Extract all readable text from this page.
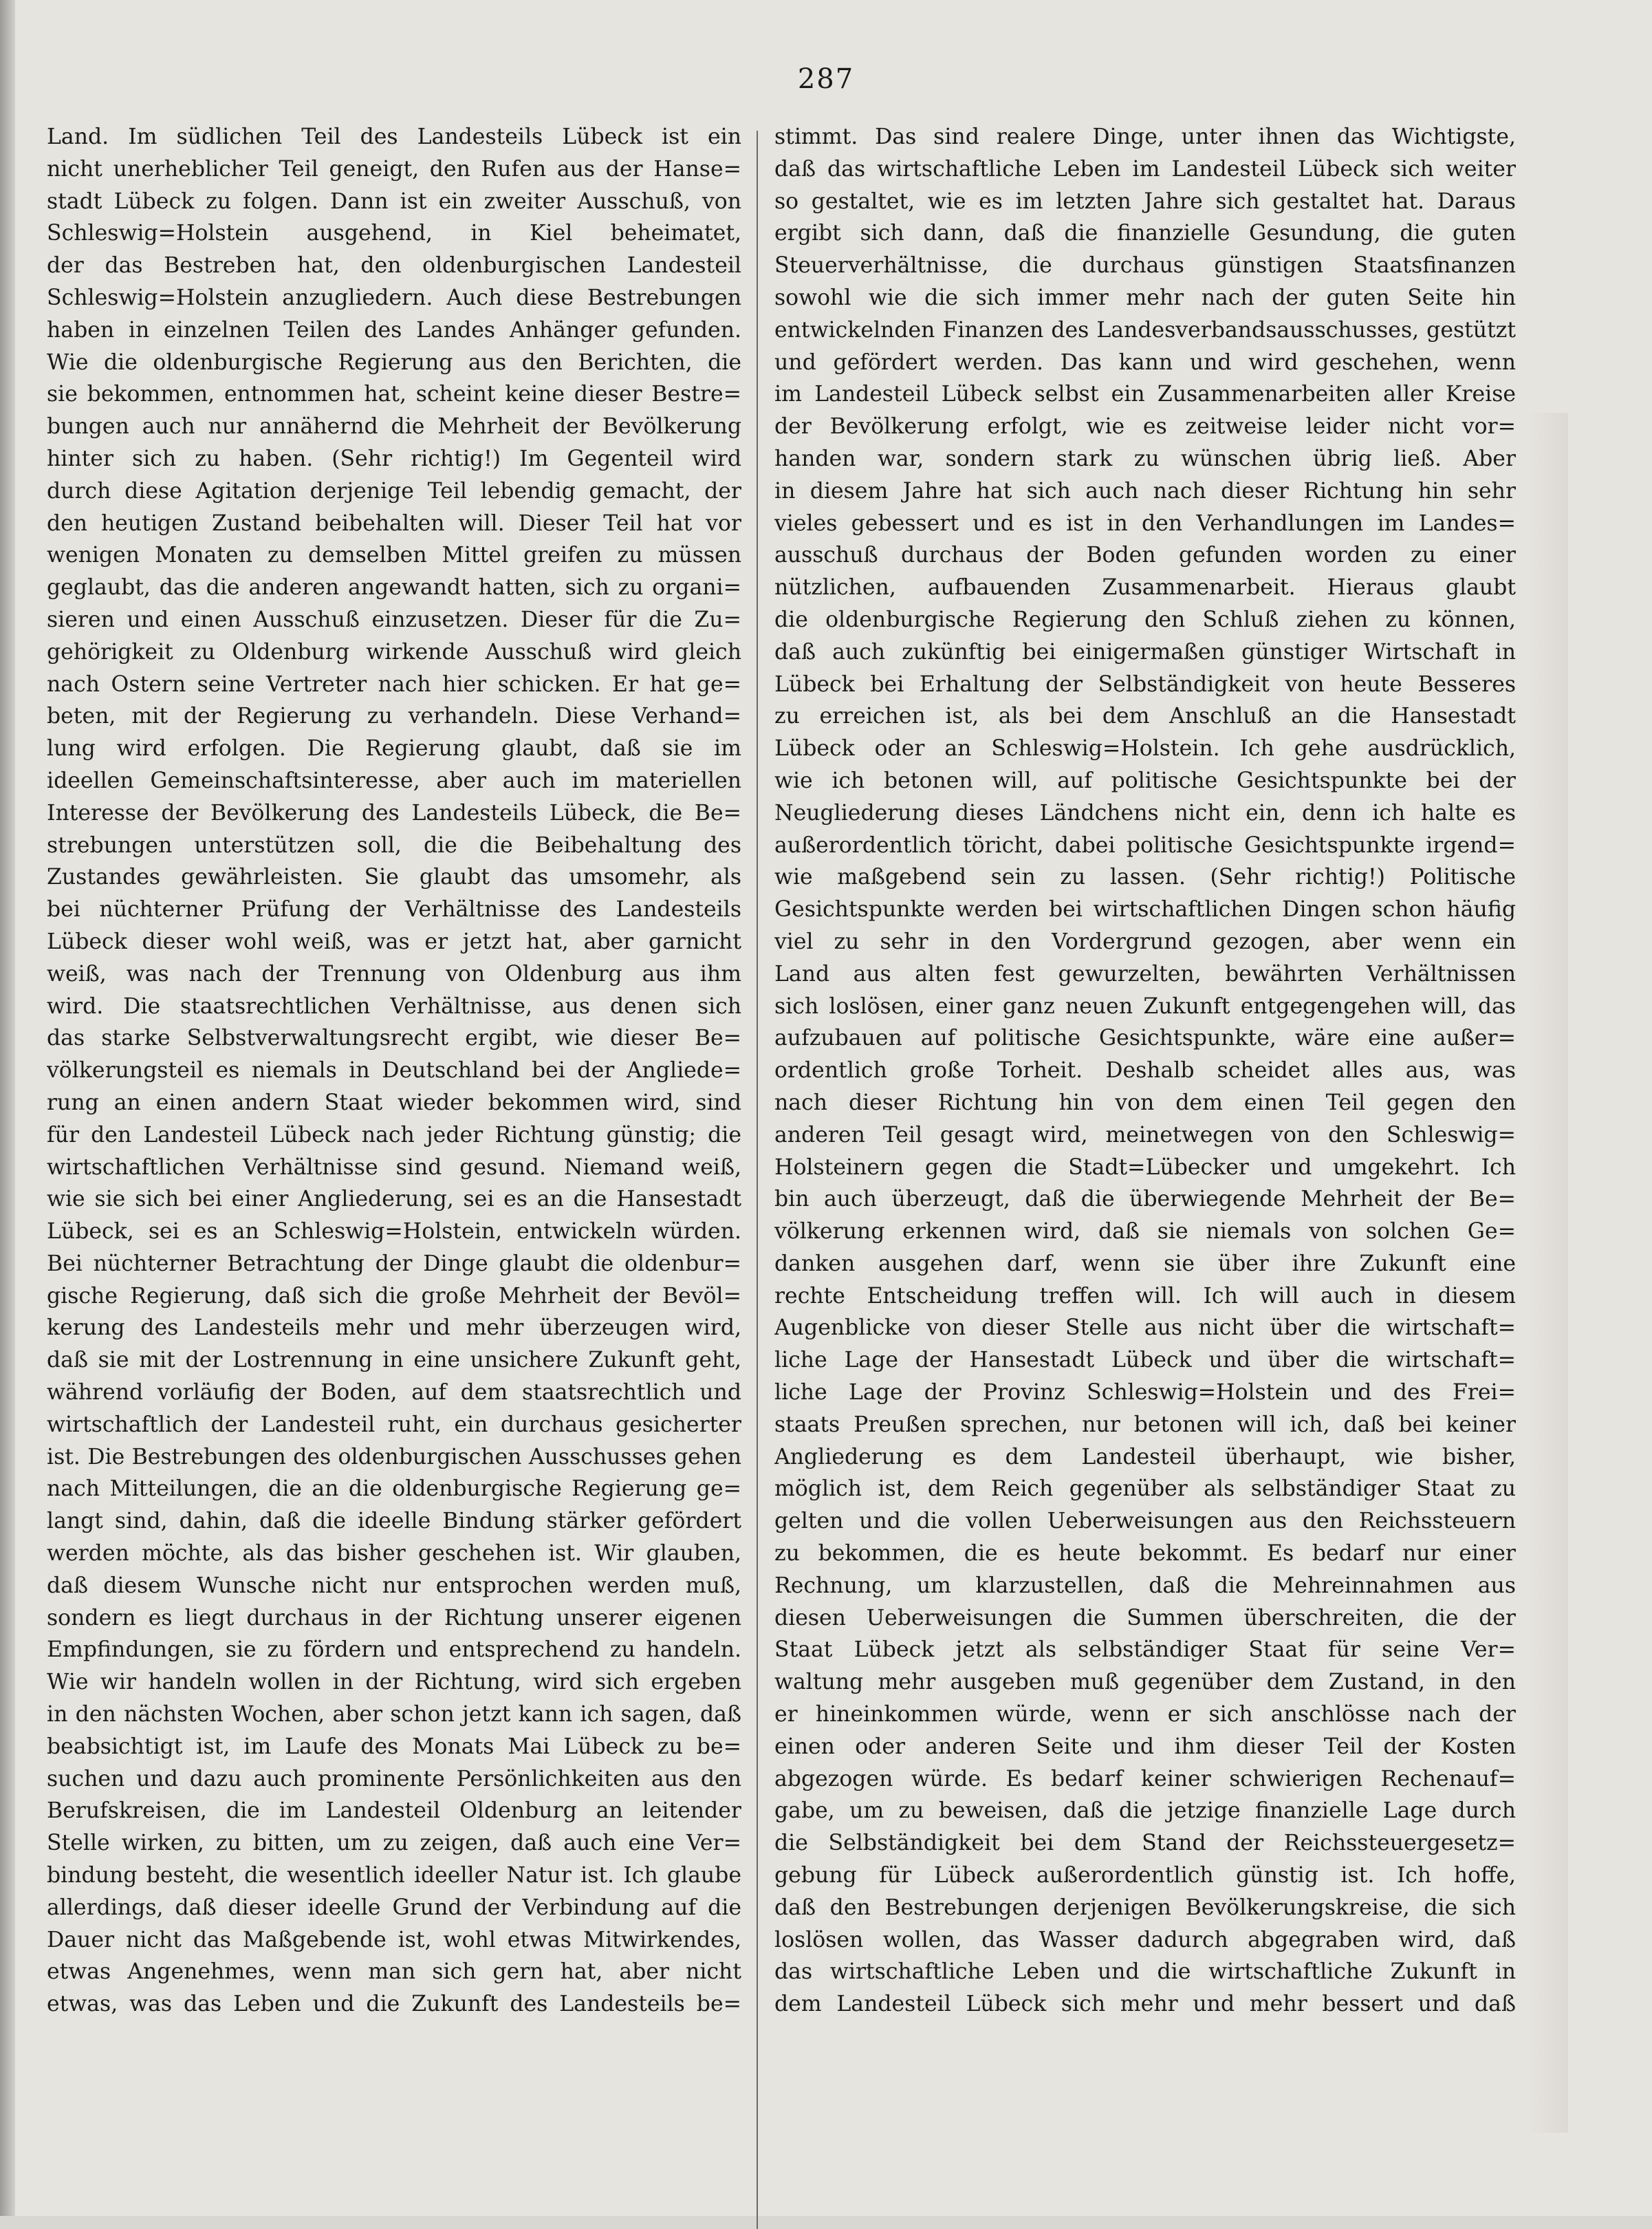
287
Land. Im südlichen Teil des Landesteils Lübeck ist ein
nicht unerheblicher Teil geneigt, den Rufen aus der Hanse=
stadt Lübeck zu folgen. Dann ist ein zweiter Ausschuß, von
Schleswig=Holstein ausgehend, in Kiel beheimatet,
der das Bestreben hat, den oldenburgischen Landesteil
Schleswig=Holstein anzugliedern. Auch diese Bestrebungen
haben in einzelnen Teilen des Landes Anhänger gefunden.
Wie die oldenburgische Regierung aus den Berichten, die
sie bekommen, entnommen hat, scheint keine dieser Bestre=
bungen auch nur annähernd die Mehrheit der Bevölkerung
hinter sich zu haben. (Sehr richtig!) Im Gegenteil wird
durch diese Agitation derjenige Teil lebendig gemacht, der
den heutigen Zustand beibehalten will. Dieser Teil hat vor
wenigen Monaten zu demselben Mittel greifen zu müssen
geglaubt, das die anderen angewandt hatten, sich zu organi=
sieren und einen Ausschuß einzusetzen. Dieser für die Zu=
gehörigkeit zu Oldenburg wirkende Ausschuß wird gleich
nach Ostern seine Vertreter nach hier schicken. Er hat ge=
beten, mit der Regierung zu verhandeln. Diese Verhand=
lung wird erfolgen. Die Regierung glaubt, daß sie im
ideellen Gemeinschaftsinteresse, aber auch im materiellen
Interesse der Bevölkerung des Landesteils Lübeck, die Be=
strebungen unterstützen soll, die die Beibehaltung des
Zustandes gewährleisten. Sie glaubt das umsomehr, als
bei nüchterner Prüfung der Verhältnisse des Landesteils
Lübeck dieser wohl weiß, was er jetzt hat, aber garnicht
weiß, was nach der Trennung von Oldenburg aus ihm
wird. Die staatsrechtlichen Verhältnisse, aus denen sich
das starke Selbstverwaltungsrecht ergibt, wie dieser Be=
völkerungsteil es niemals in Deutschland bei der Angliede=
rung an einen andern Staat wieder bekommen wird, sind
für den Landesteil Lübeck nach jeder Richtung günstig; die
wirtschaftlichen Verhältnisse sind gesund. Niemand weiß,
wie sie sich bei einer Angliederung, sei es an die Hansestadt
Lübeck, sei es an Schleswig=Holstein, entwickeln würden.
Bei nüchterner Betrachtung der Dinge glaubt die oldenbur=
gische Regierung, daß sich die große Mehrheit der Bevöl=
kerung des Landesteils mehr und mehr überzeugen wird,
daß sie mit der Lostrennung in eine unsichere Zukunft geht,
während vorläufig der Boden, auf dem staatsrechtlich und
wirtschaftlich der Landesteil ruht, ein durchaus gesicherter
ist. Die Bestrebungen des oldenburgischen Ausschusses gehen
nach Mitteilungen, die an die oldenburgische Regierung ge=
langt sind, dahin, daß die ideelle Bindung stärker gefördert
werden möchte, als das bisher geschehen ist. Wir glauben,
daß diesem Wunsche nicht nur entsprochen werden muß,
sondern es liegt durchaus in der Richtung unserer eigenen
Empfindungen, sie zu fördern und entsprechend zu handeln.
Wie wir handeln wollen in der Richtung, wird sich ergeben
in den nächsten Wochen, aber schon jetzt kann ich sagen, daß
beabsichtigt ist, im Laufe des Monats Mai Lübeck zu be=
suchen und dazu auch prominente Persönlichkeiten aus den
Berufskreisen, die im Landesteil Oldenburg an leitender
Stelle wirken, zu bitten, um zu zeigen, daß auch eine Ver=
bindung besteht, die wesentlich ideeller Natur ist. Ich glaube
allerdings, daß dieser ideelle Grund der Verbindung auf die
Dauer nicht das Maßgebende ist, wohl etwas Mitwirkendes,
etwas Angenehmes, wenn man sich gern hat, aber nicht
etwas, was das Leben und die Zukunft des Landesteils be=
stimmt. Das sind realere Dinge, unter ihnen das Wichtigste,
daß das wirtschaftliche Leben im Landesteil Lübeck sich weiter
so gestaltet, wie es im letzten Jahre sich gestaltet hat. Daraus
ergibt sich dann, daß die finanzielle Gesundung, die guten
Steuerverhältnisse, die durchaus günstigen Staatsfinanzen
sowohl wie die sich immer mehr nach der guten Seite hin
entwickelnden Finanzen des Landesverbandsausschusses, gestützt
und gefördert werden. Das kann und wird geschehen, wenn
im Landesteil Lübeck selbst ein Zusammenarbeiten aller Kreise
der Bevölkerung erfolgt, wie es zeitweise leider nicht vor=
handen war, sondern stark zu wünschen übrig ließ. Aber
in diesem Jahre hat sich auch nach dieser Richtung hin sehr
vieles gebessert und es ist in den Verhandlungen im Landes=
ausschuß durchaus der Boden gefunden worden zu einer
nützlichen, aufbauenden Zusammenarbeit. Hieraus glaubt
die oldenburgische Regierung den Schluß ziehen zu können,
daß auch zukünftig bei einigermaßen günstiger Wirtschaft in
Lübeck bei Erhaltung der Selbständigkeit von heute Besseres
zu erreichen ist, als bei dem Anschluß an die Hansestadt
Lübeck oder an Schleswig=Holstein. Ich gehe ausdrücklich,
wie ich betonen will, auf politische Gesichtspunkte bei der
Neugliederung dieses Ländchens nicht ein, denn ich halte es
außerordentlich töricht, dabei politische Gesichtspunkte irgend=
wie maßgebend sein zu lassen. (Sehr richtig!) Politische
Gesichtspunkte werden bei wirtschaftlichen Dingen schon häufig
viel zu sehr in den Vordergrund gezogen, aber wenn ein
Land aus alten fest gewurzelten, bewährten Verhältnissen
sich loslösen, einer ganz neuen Zukunft entgegengehen will, das
aufzubauen auf politische Gesichtspunkte, wäre eine außer=
ordentlich große Torheit. Deshalb scheidet alles aus, was
nach dieser Richtung hin von dem einen Teil gegen den
anderen Teil gesagt wird, meinetwegen von den Schleswig=
Holsteinern gegen die Stadt=Lübecker und umgekehrt. Ich
bin auch überzeugt, daß die überwiegende Mehrheit der Be=
völkerung erkennen wird, daß sie niemals von solchen Ge=
danken ausgehen darf, wenn sie über ihre Zukunft eine
rechte Entscheidung treffen will. Ich will auch in diesem
Augenblicke von dieser Stelle aus nicht über die wirtschaft=
liche Lage der Hansestadt Lübeck und über die wirtschaft=
liche Lage der Provinz Schleswig=Holstein und des Frei=
staats Preußen sprechen, nur betonen will ich, daß bei keiner
Angliederung es dem Landesteil überhaupt, wie bisher,
möglich ist, dem Reich gegenüber als selbständiger Staat zu
gelten und die vollen Ueberweisungen aus den Reichssteuern
zu bekommen, die es heute bekommt. Es bedarf nur einer
Rechnung, um klarzustellen, daß die Mehreinnahmen aus
diesen Ueberweisungen die Summen überschreiten, die der
Staat Lübeck jetzt als selbständiger Staat für seine Ver=
waltung mehr ausgeben muß gegenüber dem Zustand, in den
er hineinkommen würde, wenn er sich anschlösse nach der
einen oder anderen Seite und ihm dieser Teil der Kosten
abgezogen würde. Es bedarf keiner schwierigen Rechenauf=
gabe, um zu beweisen, daß die jetzige finanzielle Lage durch
die Selbständigkeit bei dem Stand der Reichssteuergesetz=
gebung für Lübeck außerordentlich günstig ist. Ich hoffe,
daß den Bestrebungen derjenigen Bevölkerungskreise, die sich
loslösen wollen, das Wasser dadurch abgegraben wird, daß
das wirtschaftliche Leben und die wirtschaftliche Zukunft in
dem Landesteil Lübeck sich mehr und mehr bessert und daß
